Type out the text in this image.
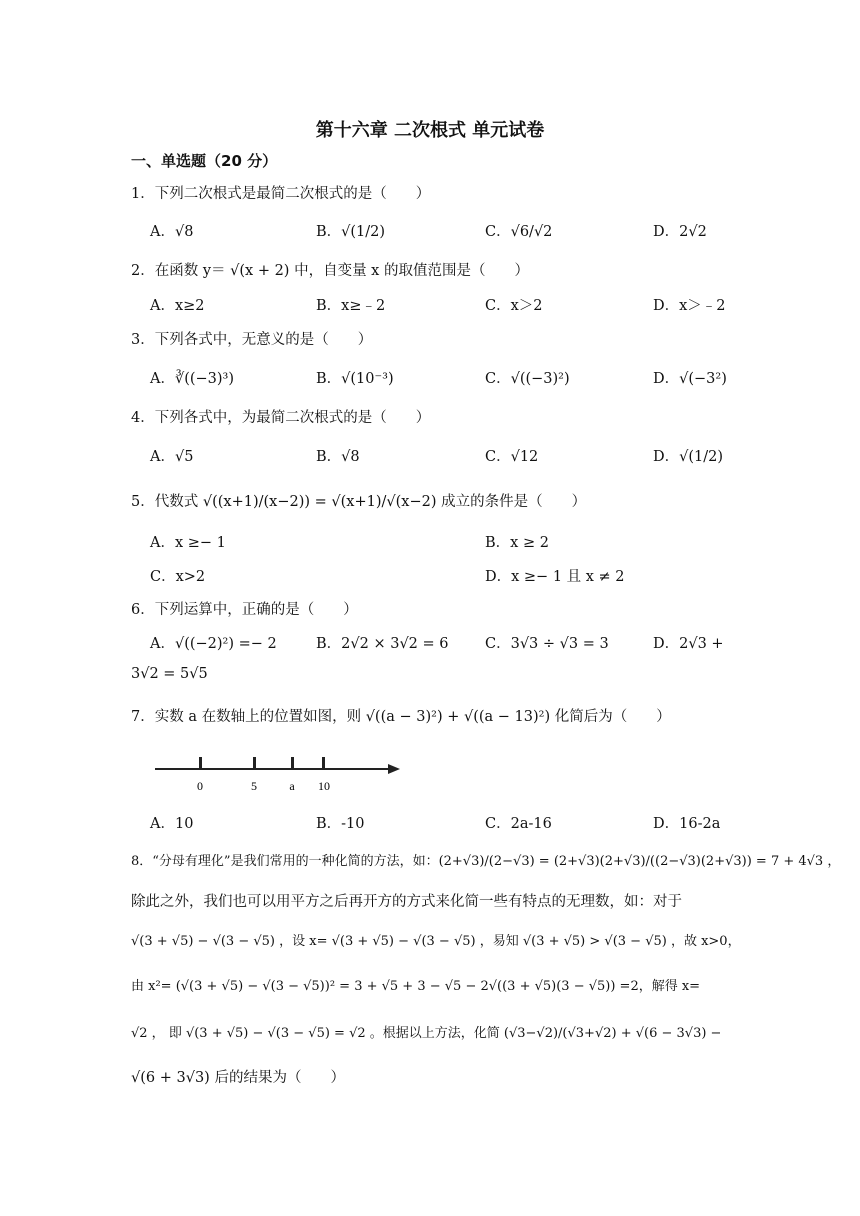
第十六章 二次根式 单元试卷
一、单选题（20 分）
1．下列二次根式是最简二次根式的是（　　）
A．√8	B．√(1/2)	C．√6/√2	D．2√2
2．在函数 y＝ √(x + 2) 中，自变量 x 的取值范围是（　　）
A．x≥2	B．x≥﹣2	C．x＞2	D．x＞﹣2
3．下列各式中，无意义的是（　　）
A．∛((−3)³)	B．√(10⁻³)	C．√((−3)²)	D．√(−3²)
4．下列各式中，为最简二次根式的是（　　）
A．√5	B．√8	C．√12	D．√(1/2)
5．代数式 √((x+1)/(x−2)) = √(x+1)/√(x−2) 成立的条件是（　　）
A．x ≥− 1	B．x ≥ 2
C．x>2	D．x ≥− 1 且 x ≠ 2
6．下列运算中，正确的是（　　）
A．√((−2)²) =− 2	B．2√2 × 3√2 = 6	C．3√3 ÷ √3 = 3	D．2√3 +
3√2 = 5√5
7．实数 a 在数轴上的位置如图，则 √((a − 3)²) + √((a − 13)²) 化简后为（　　）
0	5	a 10
A．10	B．-10	C．2a-16	D．16-2a
8．“分母有理化”是我们常用的一种化简的方法，如：(2+√3)/(2−√3) = (2+√3)(2+√3)/((2−√3)(2+√3)) = 7 + 4√3 ，
除此之外，我们也可以用平方之后再开方的方式来化简一些有特点的无理数，如：对于
√(3 + √5) − √(3 − √5) ，设 x= √(3 + √5) − √(3 − √5) ，易知 √(3 + √5) > √(3 − √5) ，故 x>0，
由 x²= (√(3 + √5) − √(3 − √5))² = 3 + √5 + 3 − √5 − 2√((3 + √5)(3 − √5)) =2，解得 x=
√2 ， 即 √(3 + √5) − √(3 − √5) = √2 。根据以上方法，化简 (√3−√2)/(√3+√2) + √(6 − 3√3) −
√(6 + 3√3) 后的结果为（　　）
